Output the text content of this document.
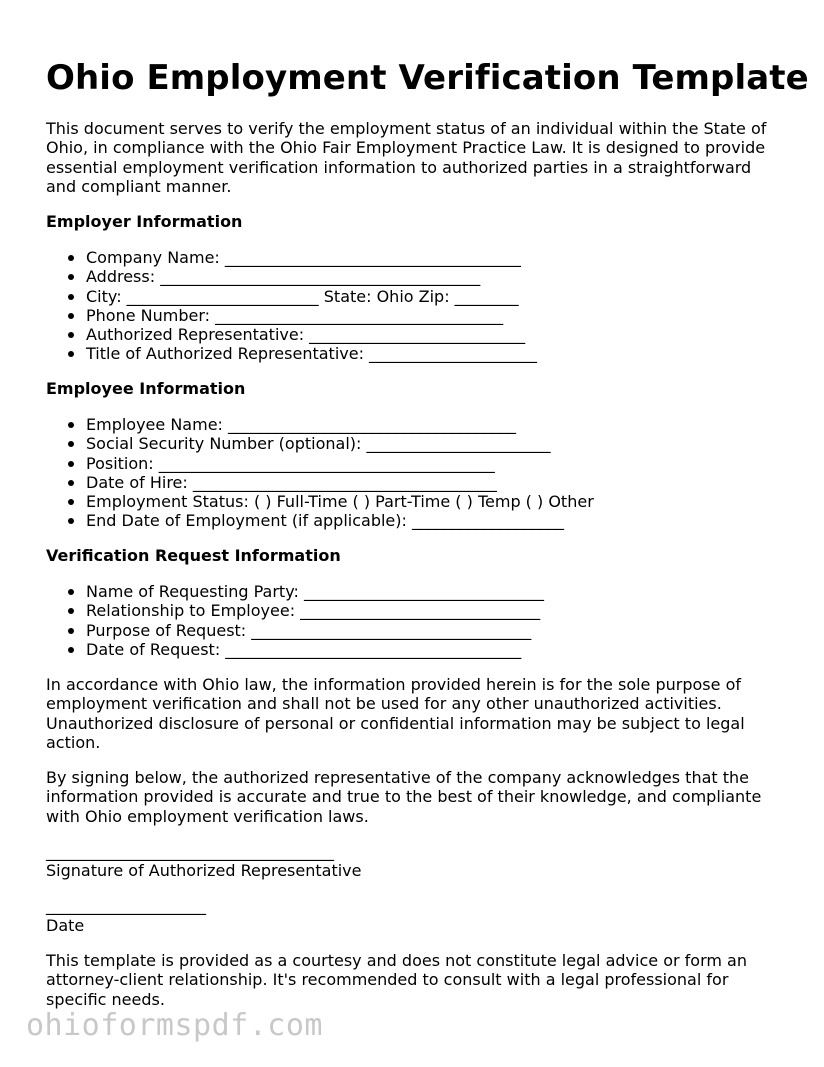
Ohio Employment Verification Template

This document serves to verify the employment status of an individual within the State of Ohio, in compliance with the Ohio Fair Employment Practice Law. It is designed to provide essential employment verification information to authorized parties in a straightforward and compliant manner.

Employer Information

Company Name: _____________________________________
Address: ________________________________________
City: ________________________ State: Ohio Zip: ________
Phone Number: ____________________________________
Authorized Representative: ___________________________
Title of Authorized Representative: _____________________

Employee Information

Employee Name: ____________________________________
Social Security Number (optional): _______________________
Position: __________________________________________
Date of Hire: ______________________________________
Employment Status: ( ) Full-Time ( ) Part-Time ( ) Temp ( ) Other
End Date of Employment (if applicable): ___________________

Verification Request Information

Name of Requesting Party: ______________________________
Relationship to Employee: ______________________________
Purpose of Request: ___________________________________
Date of Request: _____________________________________

In accordance with Ohio law, the information provided herein is for the sole purpose of employment verification and shall not be used for any other unauthorized activities. Unauthorized disclosure of personal or confidential information may be subject to legal action.

By signing below, the authorized representative of the company acknowledges that the information provided is accurate and true to the best of their knowledge, and compliante with Ohio employment verification laws.

____________________________________

Signature of Authorized Representative

____________________

Date

This template is provided as a courtesy and does not constitute legal advice or form an attorney-client relationship. It's recommended to consult with a legal professional for specific needs.

ohioformspdf.com
